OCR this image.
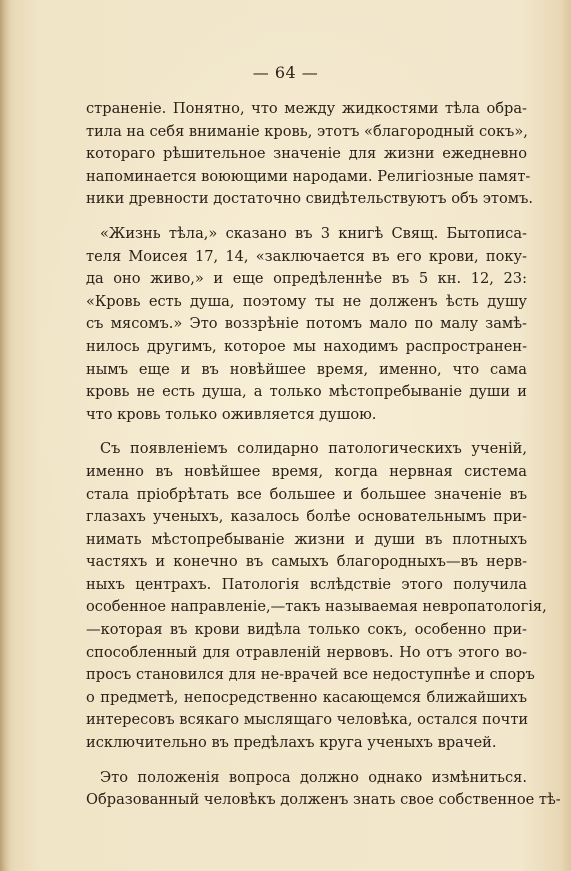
— 64 —
страненіе. Понятно, что между жидкостями тѣла обра-
тила на себя вниманіе кровь, этотъ «благородный сокъ»,
котораго рѣшительное значеніе для жизни ежедневно
напоминается воюющими народами. Религіозные памят-
ники древности достаточно свидѣтельствуютъ объ этомъ.
«Жизнь тѣла,» сказано въ 3 книгѣ Свящ. Бытописа-
теля Моисея 17, 14, «заключается въ его крови, поку-
да оно живо,» и еще опредѣленнѣе въ 5 кн. 12, 23:
«Кровь есть душа, поэтому ты не долженъ ѣсть душу
съ мясомъ.» Это воззрѣніе потомъ мало по малу замѣ-
нилось другимъ, которое мы находимъ распространен-
нымъ еще и въ новѣйшее время, именно, что сама
кровь не есть душа, а только мѣстопребываніе души и
что кровь только оживляется душою.
Съ появленіемъ солидарно патологическихъ ученій,
именно въ новѣйшее время, когда нервная система
стала пріобрѣтать все большее и большее значеніе въ
глазахъ ученыхъ, казалось болѣе основательнымъ при-
нимать мѣстопребываніе жизни и души въ плотныхъ
частяхъ и конечно въ самыхъ благородныхъ—въ нерв-
ныхъ центрахъ. Патологія вслѣдствіе этого получила
особенное направленіе,—такъ называемая невропатологія,
—которая въ крови видѣла только сокъ, особенно при-
способленный для отравленій нервовъ. Но отъ этого во-
просъ становился для не-врачей все недоступнѣе и споръ
о предметѣ, непосредственно касающемся ближайшихъ
интересовъ всякаго мыслящаго человѣка, остался почти
исключительно въ предѣлахъ круга ученыхъ врачей.
Это положенія вопроса должно однако измѣниться.
Образованный человѣкъ долженъ знать свое собственное тѣ-
